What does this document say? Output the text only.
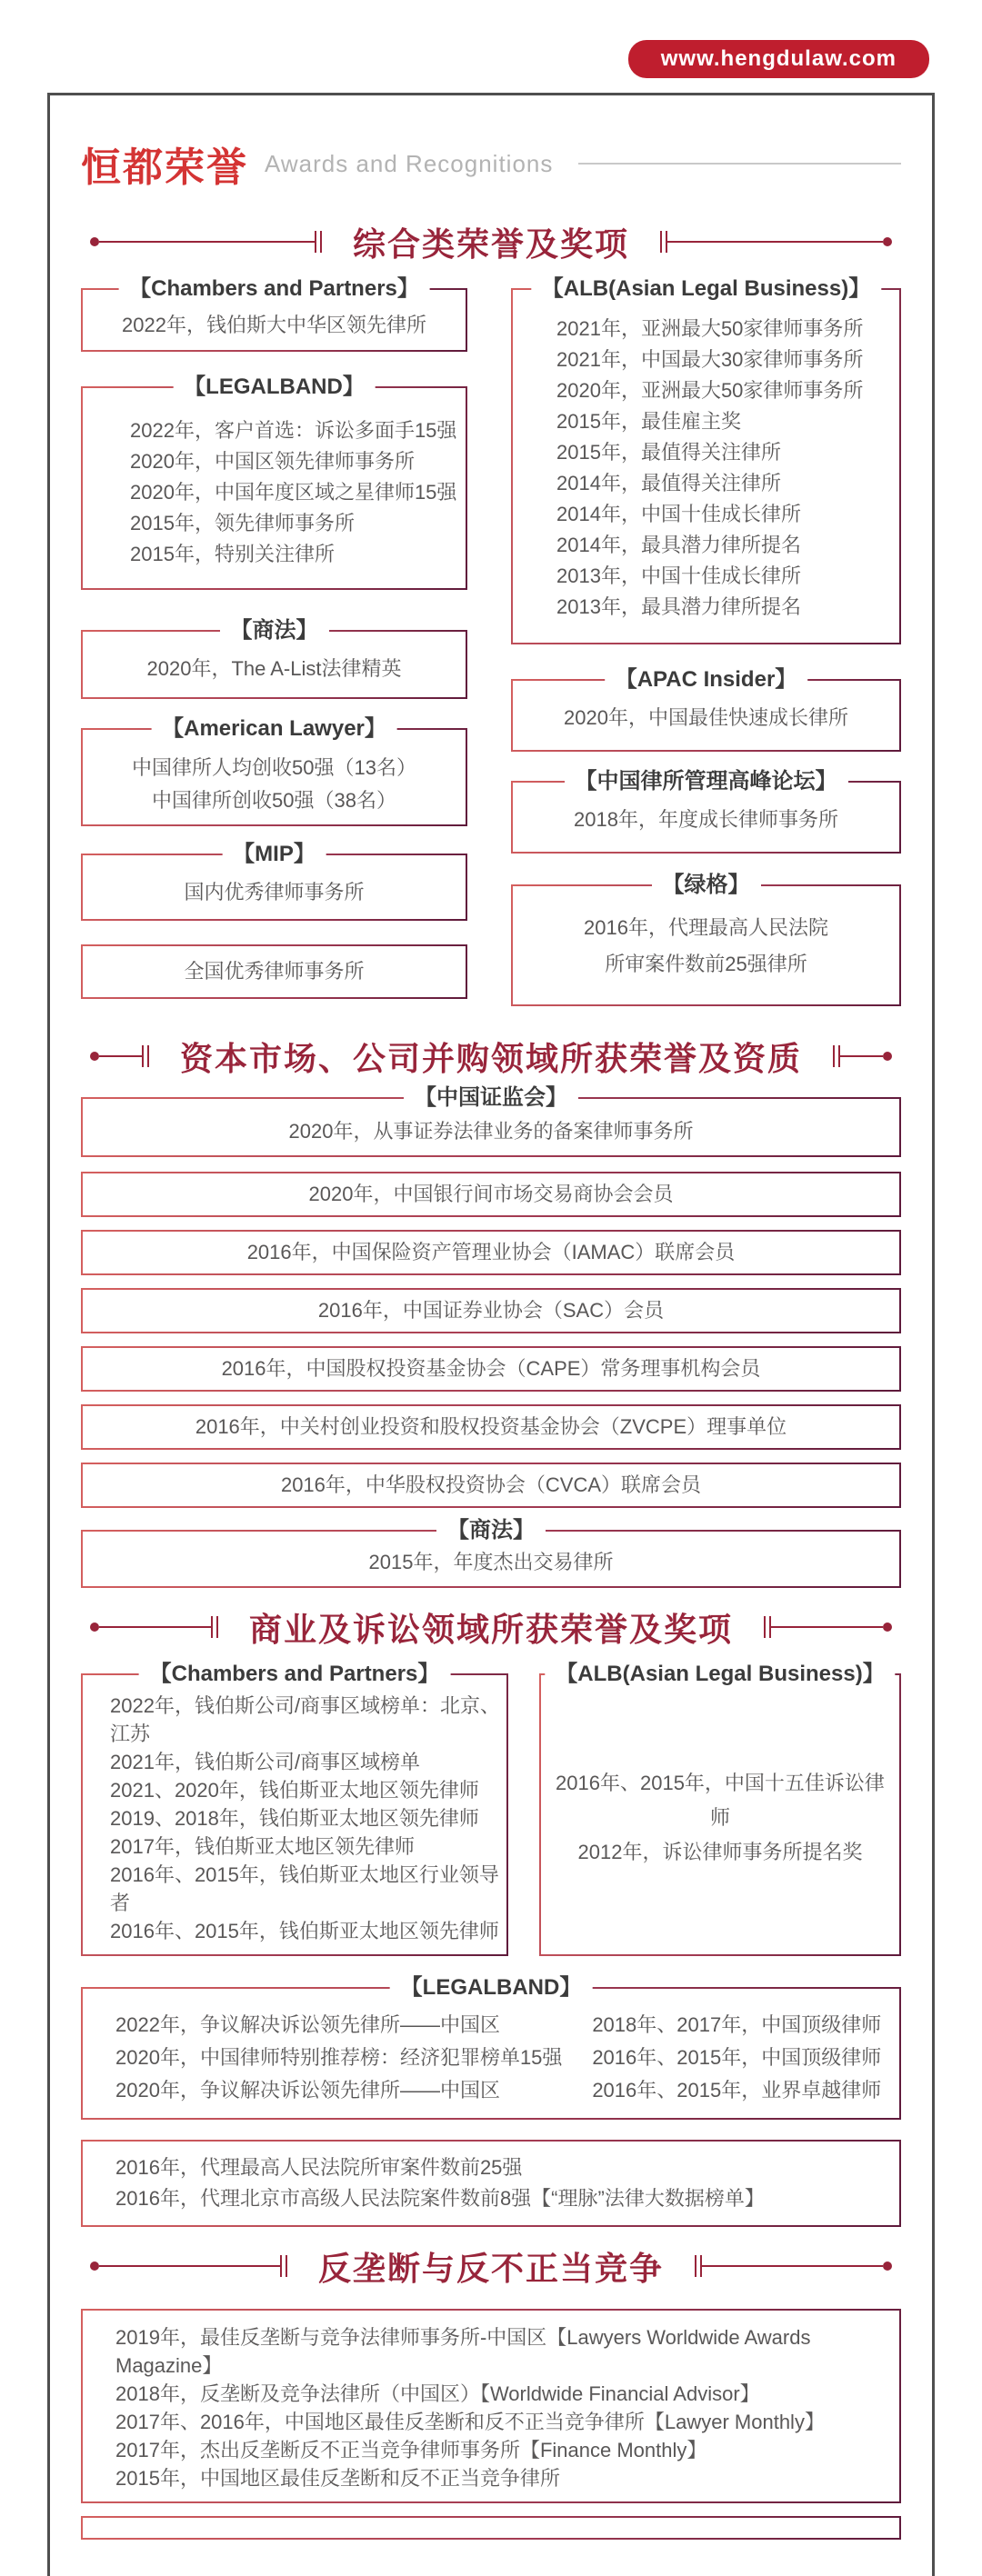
www.hengdulaw.com
恒都荣誉 Awards and Recognitions
综合类荣誉及奖项
【Chambers and Partners】
2022年，钱伯斯大中华区领先律所
【LEGALBAND】
2022年，客户首选：诉讼多面手15强
2020年，中国区领先律师事务所
2020年，中国年度区域之星律师15强
2015年，领先律师事务所
2015年，特别关注律所
【商法】
2020年，The A-List法律精英
【American Lawyer】
中国律所人均创收50强（13名）
中国律所创收50强（38名）
【MIP】
国内优秀律师事务所
全国优秀律师事务所
【ALB(Asian Legal Business)】
2021年，亚洲最大50家律师事务所
2021年，中国最大30家律师事务所
2020年，亚洲最大50家律师事务所
2015年，最佳雇主奖
2015年，最值得关注律所
2014年，最值得关注律所
2014年，中国十佳成长律所
2014年，最具潜力律所提名
2013年，中国十佳成长律所
2013年，最具潜力律所提名
【APAC Insider】
2020年，中国最佳快速成长律所
【中国律所管理高峰论坛】
2018年，年度成长律师事务所
【绿格】
2016年，代理最高人民法院
所审案件数前25强律所
资本市场、公司并购领域所获荣誉及资质
【中国证监会】
2020年，从事证券法律业务的备案律师事务所
2020年，中国银行间市场交易商协会会员
2016年，中国保险资产管理业协会（IAMAC）联席会员
2016年，中国证券业协会（SAC）会员
2016年，中国股权投资基金协会（CAPE）常务理事机构会员
2016年，中关村创业投资和股权投资基金协会（ZVCPE）理事单位
2016年，中华股权投资协会（CVCA）联席会员
【商法】
2015年，年度杰出交易律所
商业及诉讼领域所获荣誉及奖项
【Chambers and Partners】
2022年，钱伯斯公司/商事区域榜单：北京、江苏
2021年，钱伯斯公司/商事区域榜单
2021、2020年，钱伯斯亚太地区领先律师
2019、2018年，钱伯斯亚太地区领先律师
2017年，钱伯斯亚太地区领先律师
2016年、2015年，钱伯斯亚太地区行业领导者
2016年、2015年，钱伯斯亚太地区领先律师
【ALB(Asian Legal Business)】
2016年、2015年，中国十五佳诉讼律师
2012年，诉讼律师事务所提名奖
【LEGALBAND】
2022年，争议解决诉讼领先律所——中国区
2020年，中国律师特别推荐榜：经济犯罪榜单15强
2020年，争议解决诉讼领先律所——中国区
2018年、2017年，中国顶级律师
2016年、2015年，中国顶级律师
2016年、2015年，业界卓越律师
2016年，代理最高人民法院所审案件数前25强
2016年，代理北京市高级人民法院案件数前8强【“理脉”法律大数据榜单】
反垄断与反不正当竞争
2019年，最佳反垄断与竞争法律师事务所-中国区【Lawyers Worldwide Awards Magazine】
2018年，反垄断及竞争法律所（中国区）【Worldwide Financial Advisor】
2017年、2016年，中国地区最佳反垄断和反不正当竞争律所【Lawyer Monthly】
2017年，杰出反垄断反不正当竞争律师事务所【Finance Monthly】
2015年，中国地区最佳反垄断和反不正当竞争律所
